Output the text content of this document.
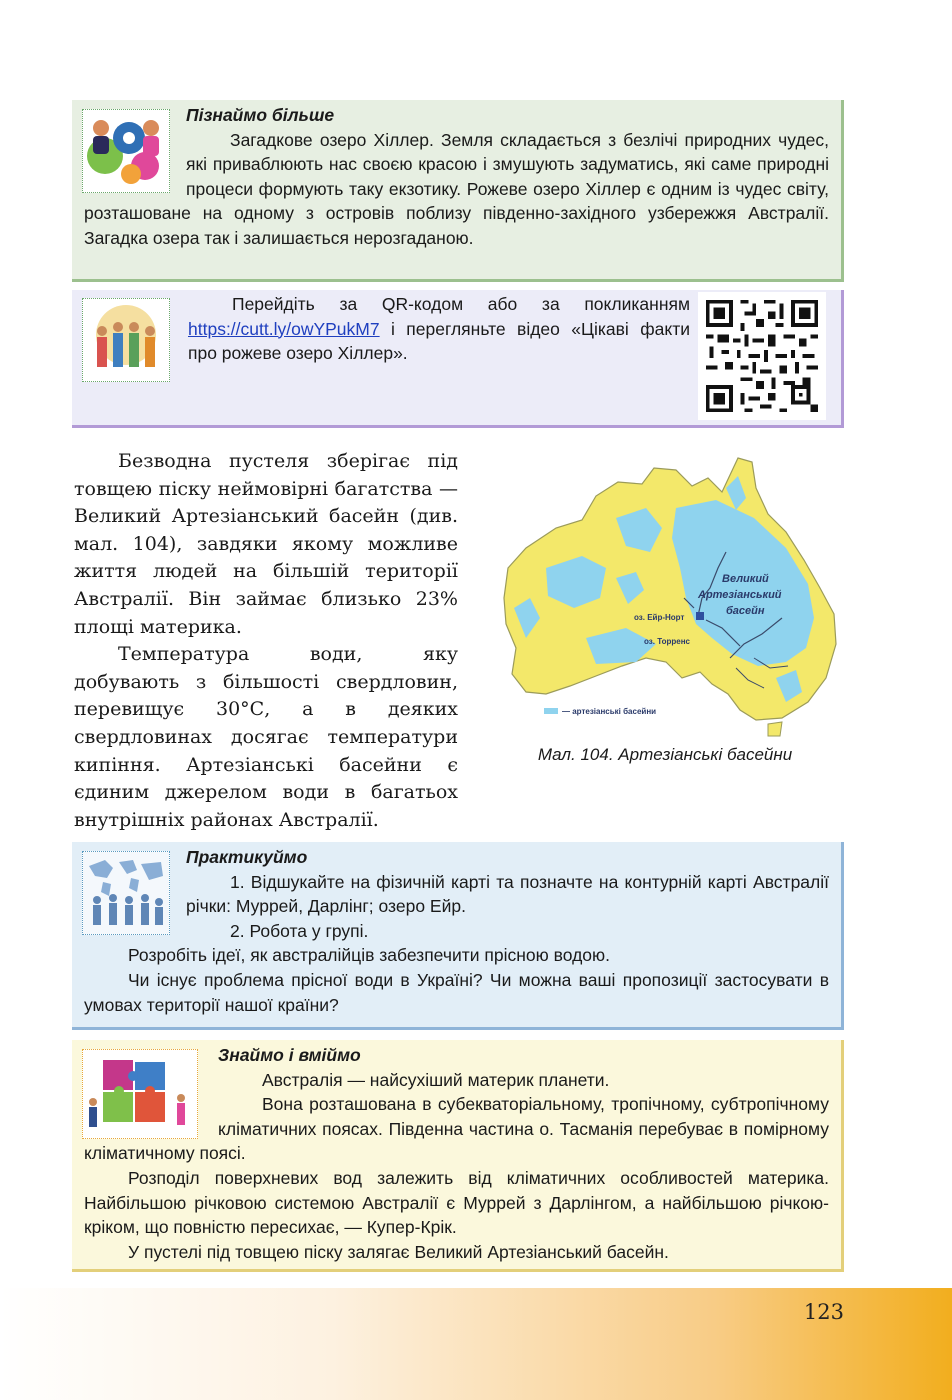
Пізнаймо більше

Загадкове озеро Хіллер. Земля складається з безлічі природних чудес, які приваблюють нас своєю красою і змушують задуматись, які саме природні процеси формують таку екзотику. Рожеве озеро Хіллер є одним із чудес світу, розташоване на одному з островів поблизу південно-західного узбережжя Австралії. Загадка озера так і залишається нерозгаданою.

Перейдіть за QR-кодом або за покликанням https://cutt.ly/owYPukM7 і перегляньте відео «Цікаві факти про рожеве озеро Хіллер».

Великий
Артезіанський
басейн
оз. Ейр-Норт
оз. Торренс
— артезіанські басейни
Мал. 104. Артезіанські басейни

Безводна пустеля зберігає під товщею піску неймовірні багатства — Великий Артезіанський басейн (див. мал. 104), завдяки якому можливе життя людей на більшій території Австралії. Він займає близько 23% площі материка.

Температура води, яку добувають з більшості свердловин, перевищує 30°С, а в деяких свердловинах досягає температури кипіння. Артезіанські басейни є єдиним джерелом води в багатьох внутрішніх районах Австралії.

Практикуймо

1. Відшукайте на фізичній карті та позначте на контурній карті Австралії річки: Муррей, Дарлінг; озеро Ейр.

2. Робота у групі.

Розробіть ідеї, як австралійців забезпечити прісною водою.

Чи існує проблема прісної води в Україні? Чи можна ваші пропозиції застосувати в умовах території нашої країни?

Знаймо і вміймо

Австралія — найсухіший материк планети.

Вона розташована в субекваторіальному, тропічному, субтропічному кліматичних поясах. Південна частина о. Тасманія перебуває в помірному кліматичному поясі.

Розподіл поверхневих вод залежить від кліматичних особливостей материка. Найбільшою річковою системою Австралії є Муррей з Дарлінгом, а найбільшою річкою-кріком, що повністю пересихає, — Купер-Крік.

У пустелі під товщею піску залягає Великий Артезіанський басейн.

123
